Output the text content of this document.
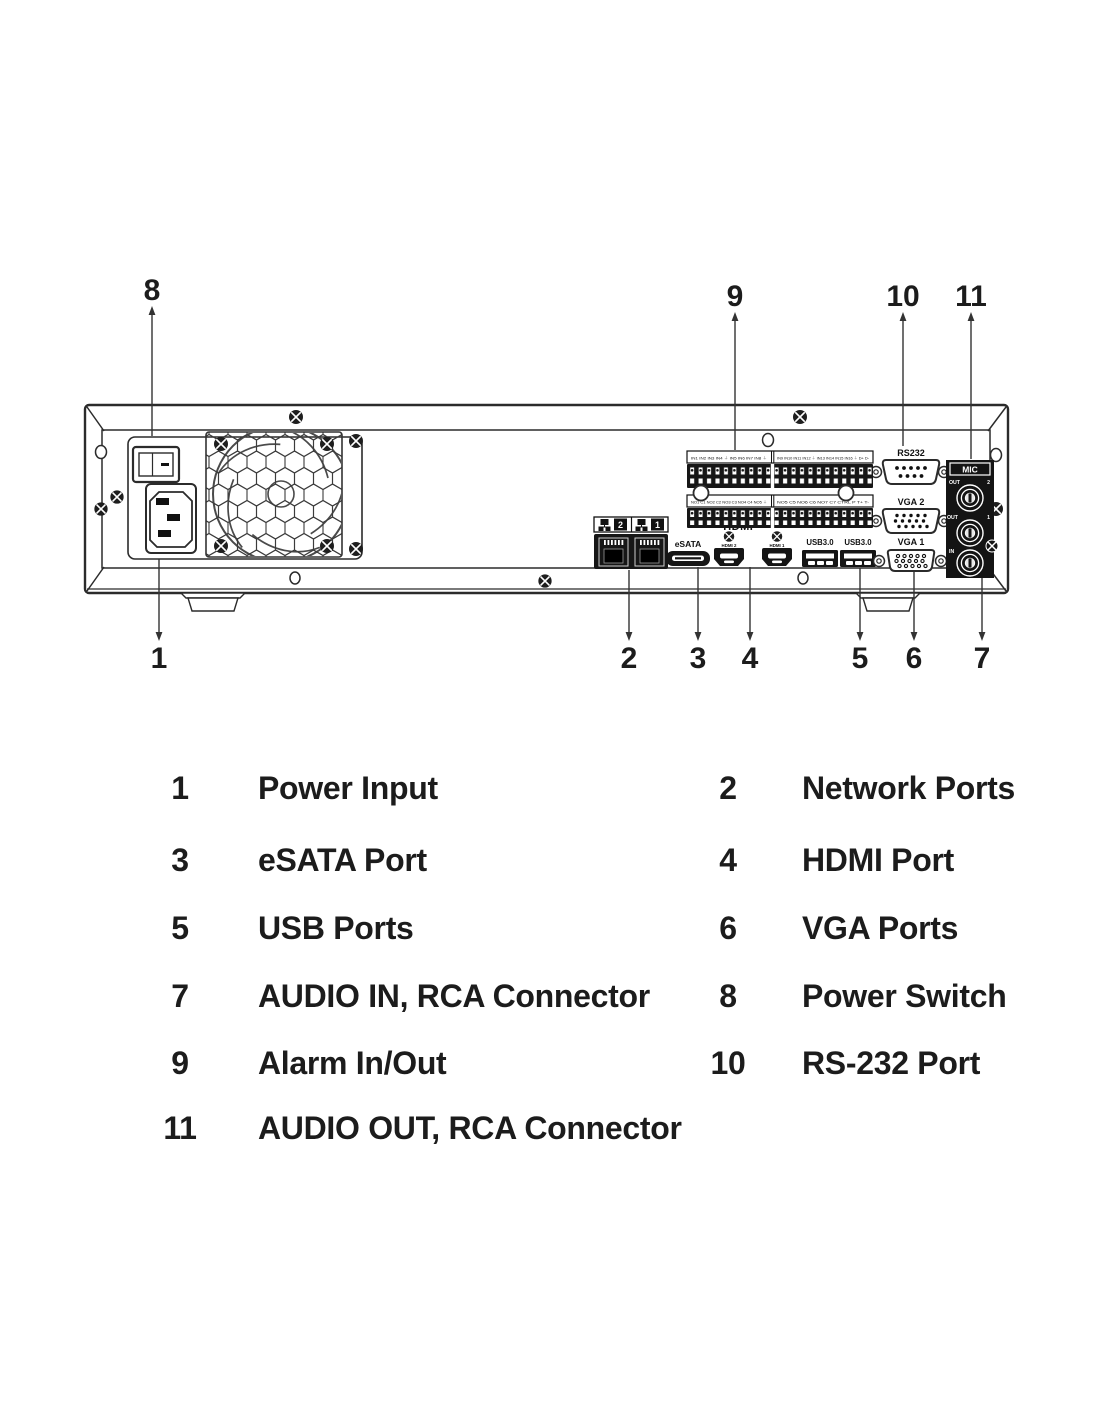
2	1
eSATA	HDMI 2	HDMI 1	USB3.0 USB3.0
RS232
VGA 2
VGA 1
MIC
OUT	2
OUT	1
IN
IN1 IN2 IN3 IN4 ⏚ IN5 IN6 IN7 IN8 ⏚	IN9 IN10 IN11 IN12 ⏚ IN13 IN14 IN15 IN16 ⏚ D+ D-
NO1 C1 NO2 C2 NO3 C3 NO4 C4 NO5 ⏚	NO5 C5 NO6 C6 NO7 C7 CTRL P T+ T-
8	9	10 11
1	2 3 4	5 6 7
1	Power Input	2	Network Ports
3	eSATA Port	4	HDMI Port
5	USB Ports	6	VGA Ports
7	AUDIO IN, RCA Connector	8	Power Switch
9	Alarm In/Out	10	RS-232 Port
11	AUDIO OUT, RCA Connector
